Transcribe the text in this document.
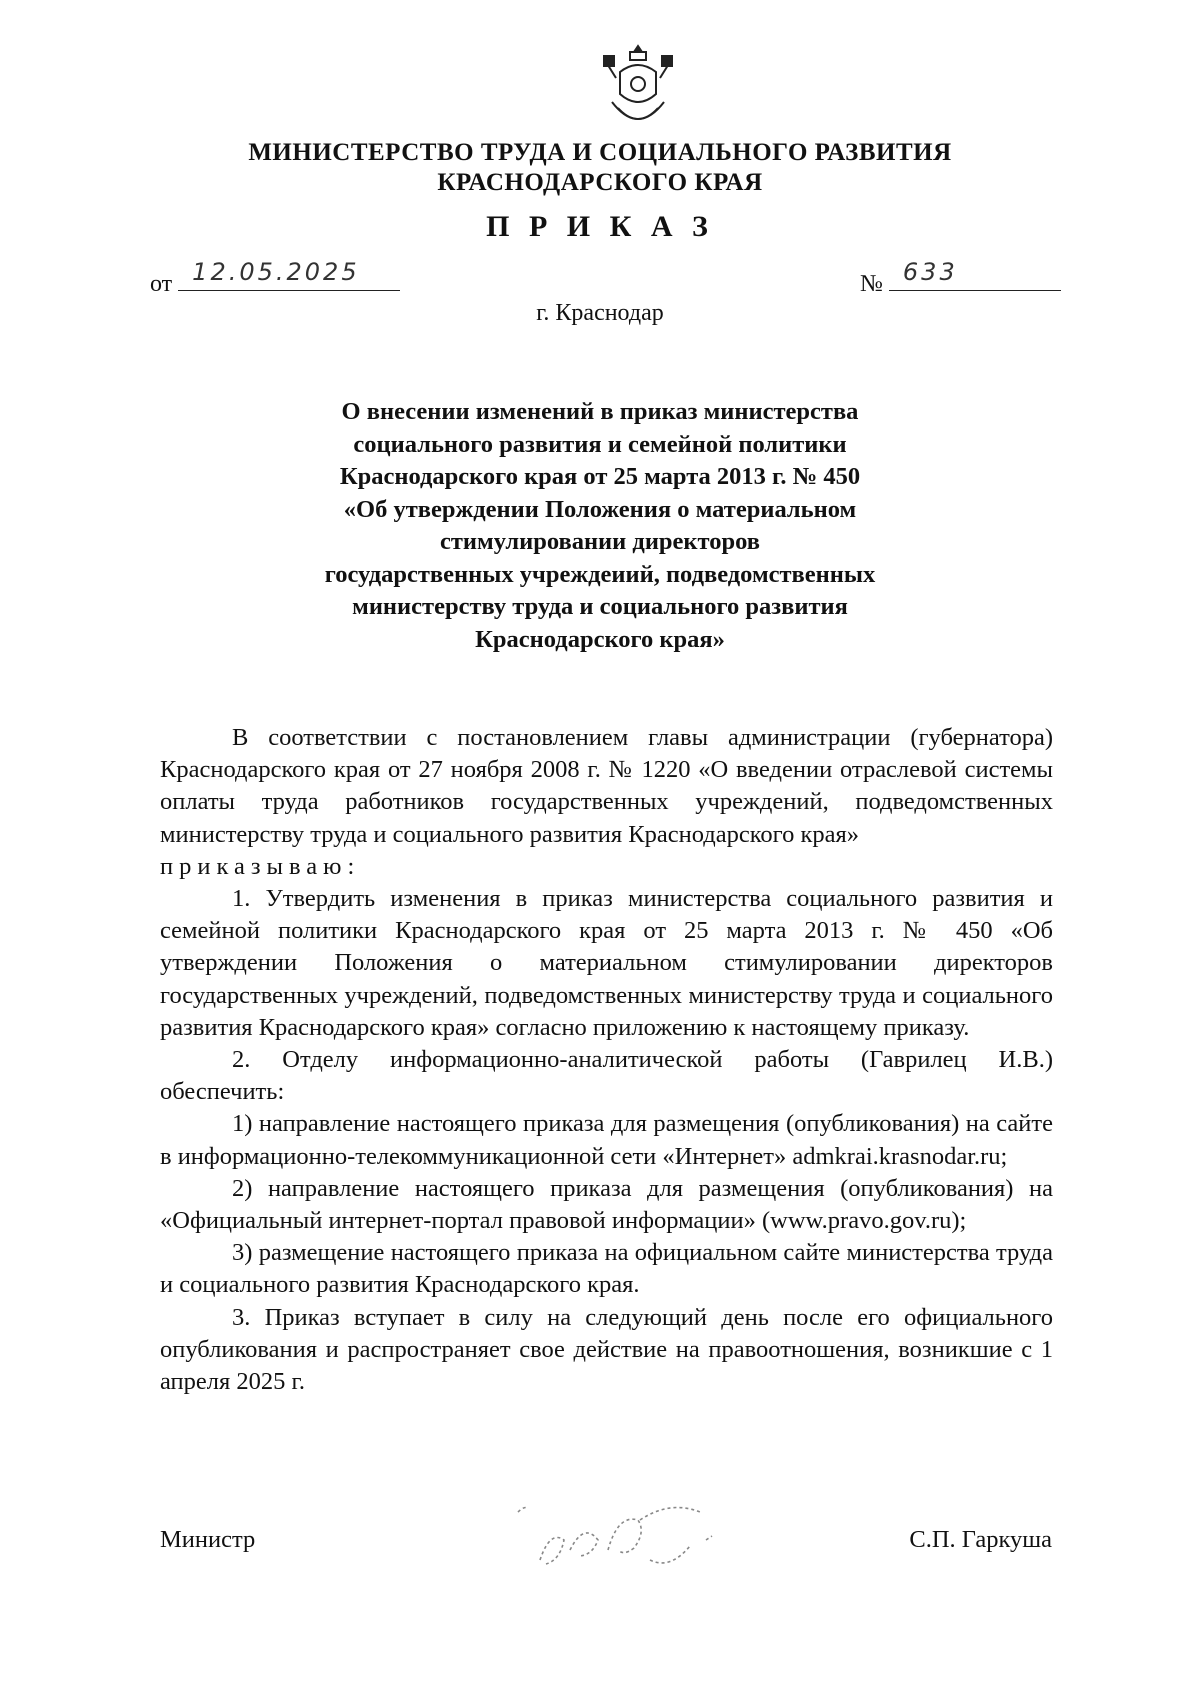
МИНИСТЕРСТВО ТРУДА И СОЦИАЛЬНОГО РАЗВИТИЯ
КРАСНОДАРСКОГО КРАЯ
П Р И К А З
от 12.05.2025	№ 633
г. Краснодар
О внесении изменений в приказ министерства
социального развития и семейной политики
Краснодарского края от 25 марта 2013 г. № 450
«Об утверждении Положения о материальном
стимулировании директоров
государственных учреждеиий, подведомственных
министерству труда и социального развития
Краснодарского края»

В соответствии с постановлением главы администрации (губернатора) Краснодарского края от 27 ноября 2008 г. № 1220 «О введении отраслевой системы оплаты труда работников государственных учреждений, подведомственных министерству труда и социального развития Краснодарского края»

приказываю:

1. Утвердить изменения в приказ министерства социального развития и семейной политики Краснодарского края от 25 марта 2013 г. № 450 «Об утверждении Положения о материальном стимулировании директоров государственных учреждений, подведомственных министерству труда и социального развития Краснодарского края» согласно приложению к настоящему приказу.

2. Отделу информационно-аналитической работы (Гаврилец И.В.) обеспечить:

1) направление настоящего приказа для размещения (опубликования) на сайте в информационно-телекоммуникационной сети «Интернет» admkrai.krasnodar.ru;

2) направление настоящего приказа для размещения (опубликования) на «Официальный интернет-портал правовой информации» (www.pravo.gov.ru);

3) размещение настоящего приказа на официальном сайте министерства труда и социального развития Краснодарского края.

3. Приказ вступает в силу на следующий день после его официального опубликования и распространяет свое действие на правоотношения, возникшие с 1 апреля 2025 г.

Министр	С.П. Гаркуша
